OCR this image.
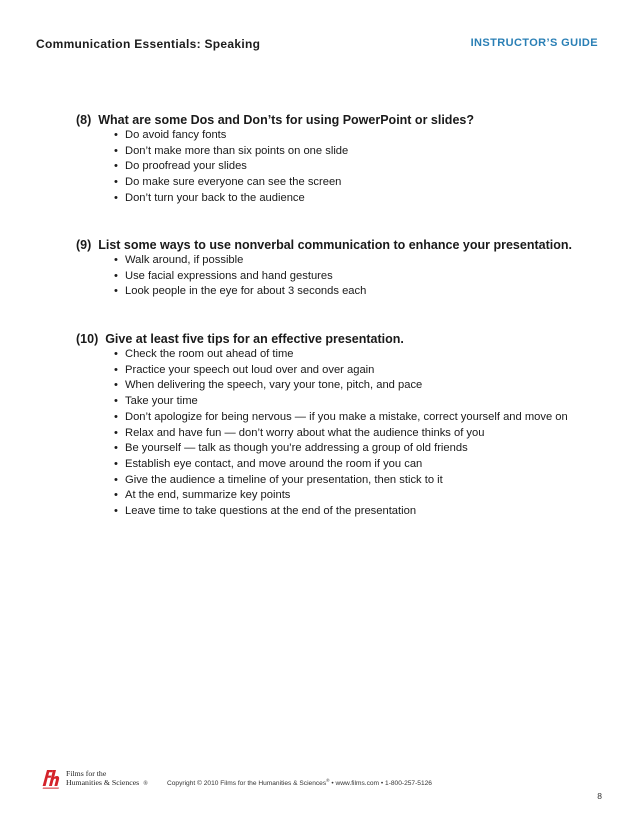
Communication Essentials: Speaking	INSTRUCTOR’S GUIDE
(8) What are some Dos and Don’ts for using PowerPoint or slides?
• Do avoid fancy fonts
• Don’t make more than six points on one slide
• Do proofread your slides
• Do make sure everyone can see the screen
• Don’t turn your back to the audience
(9) List some ways to use nonverbal communication to enhance your presentation.
• Walk around, if possible
• Use facial expressions and hand gestures
• Look people in the eye for about 3 seconds each
(10) Give at least five tips for an effective presentation.
• Check the room out ahead of time
• Practice your speech out loud over and over again
• When delivering the speech, vary your tone, pitch, and pace
• Take your time
• Don’t apologize for being nervous — if you make a mistake, correct yourself and move on
• Relax and have fun — don’t worry about what the audience thinks of you
• Be yourself — talk as though you’re addressing a group of old friends
• Establish eye contact, and move around the room if you can
• Give the audience a timeline of your presentation, then stick to it
• At the end, summarize key points
• Leave time to take questions at the end of the presentation
Films for the
Humanities & Sciences ®	Copyright © 2010 Films for the Humanities & Sciences® • www.films.com • 1-800-257-5126
8
